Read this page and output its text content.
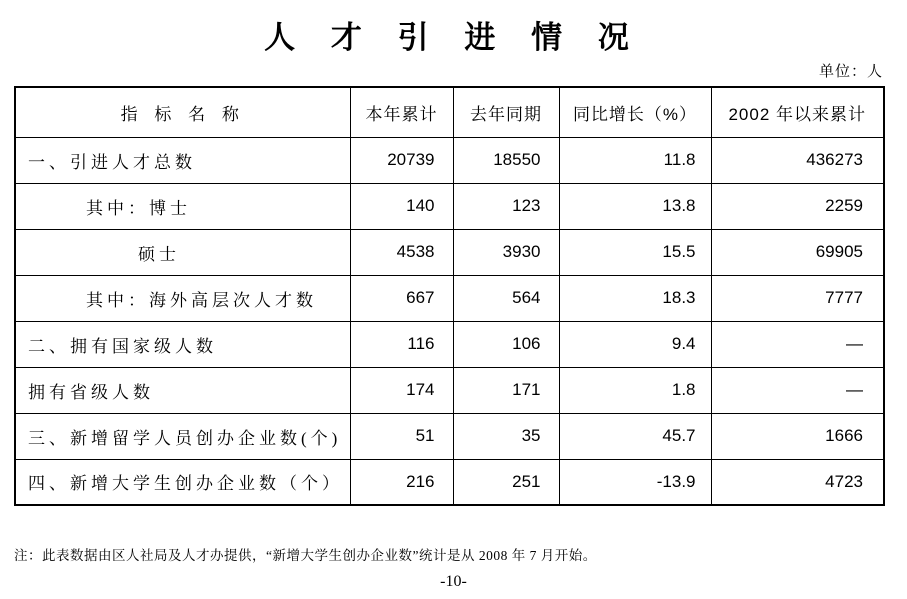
人 才 引 进 情 况
单位：人
指 标 名 称	本年累计	去年同期	同比增长（%）	2002 年以来累计
一、引进人才总数	20739	18550	11.8	436273
其中：博士	140	123	13.8	2259
硕士	4538	3930	15.5	69905
其中：海外高层次人才数	667	564	18.3	7777
二、拥有国家级人数	116	106	9.4	—
拥有省级人数	174	171	1.8	—
三、新增留学人员创办企业数(个)	51	35	45.7	1666
四、新增大学生创办企业数（个）	216	251	-13.9	4723
注：此表数据由区人社局及人才办提供，“新增大学生创办企业数”统计是从 2008 年 7 月开始。
-10-
